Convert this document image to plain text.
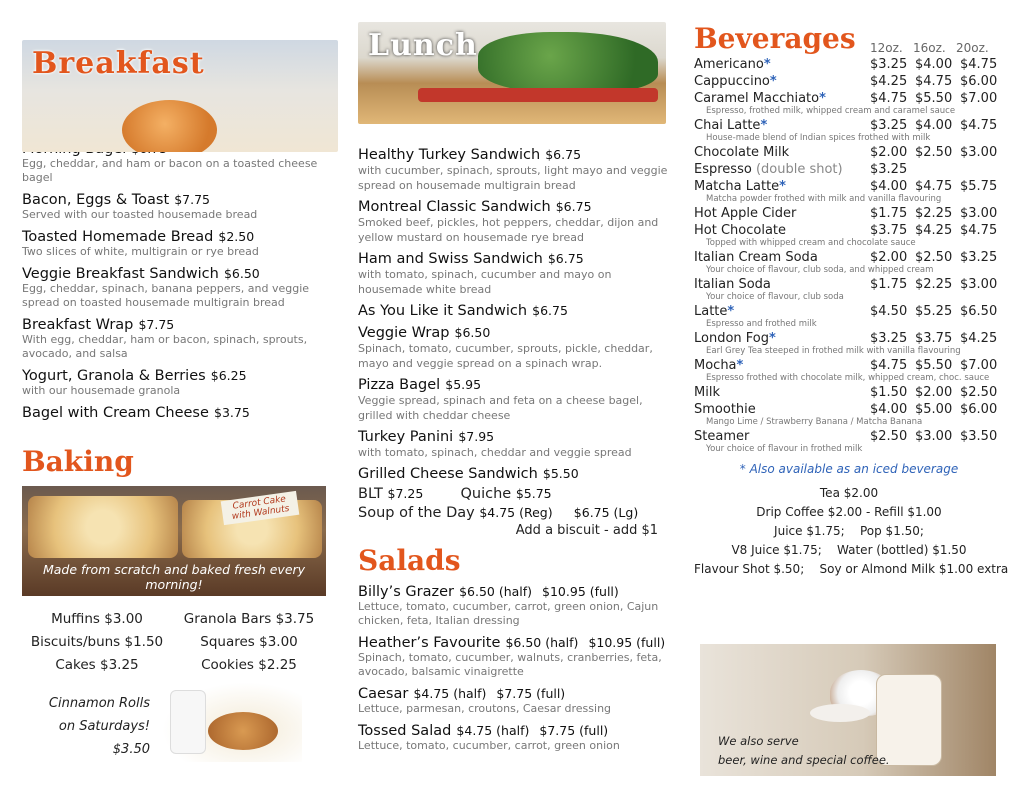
Breakfast
Egg, cheddar, and ham or bacon on a toasted cheese bagel
Bacon, Eggs & Toast $7.75
Served with our toasted housemade bread
Toasted Homemade Bread $2.50
Two slices of white, multigrain or rye bread
Veggie Breakfast Sandwich $6.50
Egg, cheddar, spinach, banana peppers, and veggie spread on toasted housemade multigrain bread
Breakfast Wrap $7.75
With egg, cheddar, ham or bacon, spinach, sprouts, avocado, and salsa
Yogurt, Granola & Berries $6.25
with our housemade granola
Bagel with Cream Cheese $3.75
Baking
Carrot Cake with Walnuts
Made from scratch and baked fresh every morning!
Muffins $3.00
Biscuits/buns $1.50
Cakes $3.25
Granola Bars $3.75
Squares $3.00
Cookies $2.25
Cinnamon Rolls
on Saturdays!
$3.50
Lunch
Healthy Turkey Sandwich $6.75
with cucumber, spinach, sprouts, light mayo and veggie spread on housemade multigrain bread
Montreal Classic Sandwich $6.75
Smoked beef, pickles, hot peppers, cheddar, dijon and yellow mustard on housemade rye bread
Ham and Swiss Sandwich $6.75
with tomato, spinach, cucumber and mayo on housemade white bread
As You Like it Sandwich $6.75
Veggie Wrap $6.50
Spinach, tomato, cucumber, sprouts, pickle, cheddar, mayo and veggie spread on a spinach wrap.
Pizza Bagel $5.95
Veggie spread, spinach and feta on a cheese bagel, grilled with cheddar cheese
Turkey Panini $7.95
with tomato, spinach, cheddar and veggie spread
Grilled Cheese Sandwich $5.50
BLT $7.25	Quiche $5.75
Soup of the Day $4.75 (Reg) $6.75 (Lg)
Add a biscuit - add $1
Salads
Billy’s Grazer $6.50 (half) $10.95 (full)
Lettuce, tomato, cucumber, carrot, green onion, Cajun chicken, feta, Italian dressing
Heather’s Favourite $6.50 (half) $10.95 (full)
Spinach, tomato, cucumber, walnuts, cranberries, feta, avocado, balsamic vinaigrette
Caesar $4.75 (half) $7.75 (full)
Lettuce, parmesan, croutons, Caesar dressing
Tossed Salad $4.75 (half) $7.75 (full)
Lettuce, tomato, cucumber, carrot, green onion
Beverages	12oz. 16oz. 20oz.
Americano*	$3.25 $4.00 $4.75
Cappuccino*	$4.25 $4.75 $6.00
Caramel Macchiato*	$4.75 $5.50 $7.00
Espresso, frothed milk, whipped cream and caramel sauce
Chai Latte*	$3.25 $4.00 $4.75
House-made blend of Indian spices frothed with milk
Chocolate Milk	$2.00 $2.50 $3.00
Espresso (double shot)	$3.25
Matcha Latte*	$4.00 $4.75 $5.75
Matcha powder frothed with milk and vanilla flavouring
Hot Apple Cider	$1.75 $2.25 $3.00
Hot Chocolate	$3.75 $4.25 $4.75
Topped with whipped cream and chocolate sauce
Italian Cream Soda	$2.00 $2.50 $3.25
Your choice of flavour, club soda, and whipped cream
Italian Soda	$1.75 $2.25 $3.00
Your choice of flavour, club soda
Latte*	$4.50 $5.25 $6.50
Espresso and frothed milk
London Fog*	$3.25 $3.75 $4.25
Earl Grey Tea steeped in frothed milk with vanilla flavouring
Mocha*	$4.75 $5.50 $7.00
Espresso frothed with chocolate milk, whipped cream, choc. sauce
Milk	$1.50 $2.00 $2.50
Smoothie	$4.00 $5.00 $6.00
Mango Lime / Strawberry Banana / Matcha Banana
Steamer	$2.50 $3.00 $3.50
Your choice of flavour in frothed milk
* Also available as an iced beverage
Tea $2.00
Drip Coffee $2.00 - Refill $1.00
Juice $1.75;    Pop $1.50;
V8 Juice $1.75;    Water (bottled) $1.50
Flavour Shot $.50;    Soy or Almond Milk $1.00 extra
We also serve
beer, wine and special coffee.
